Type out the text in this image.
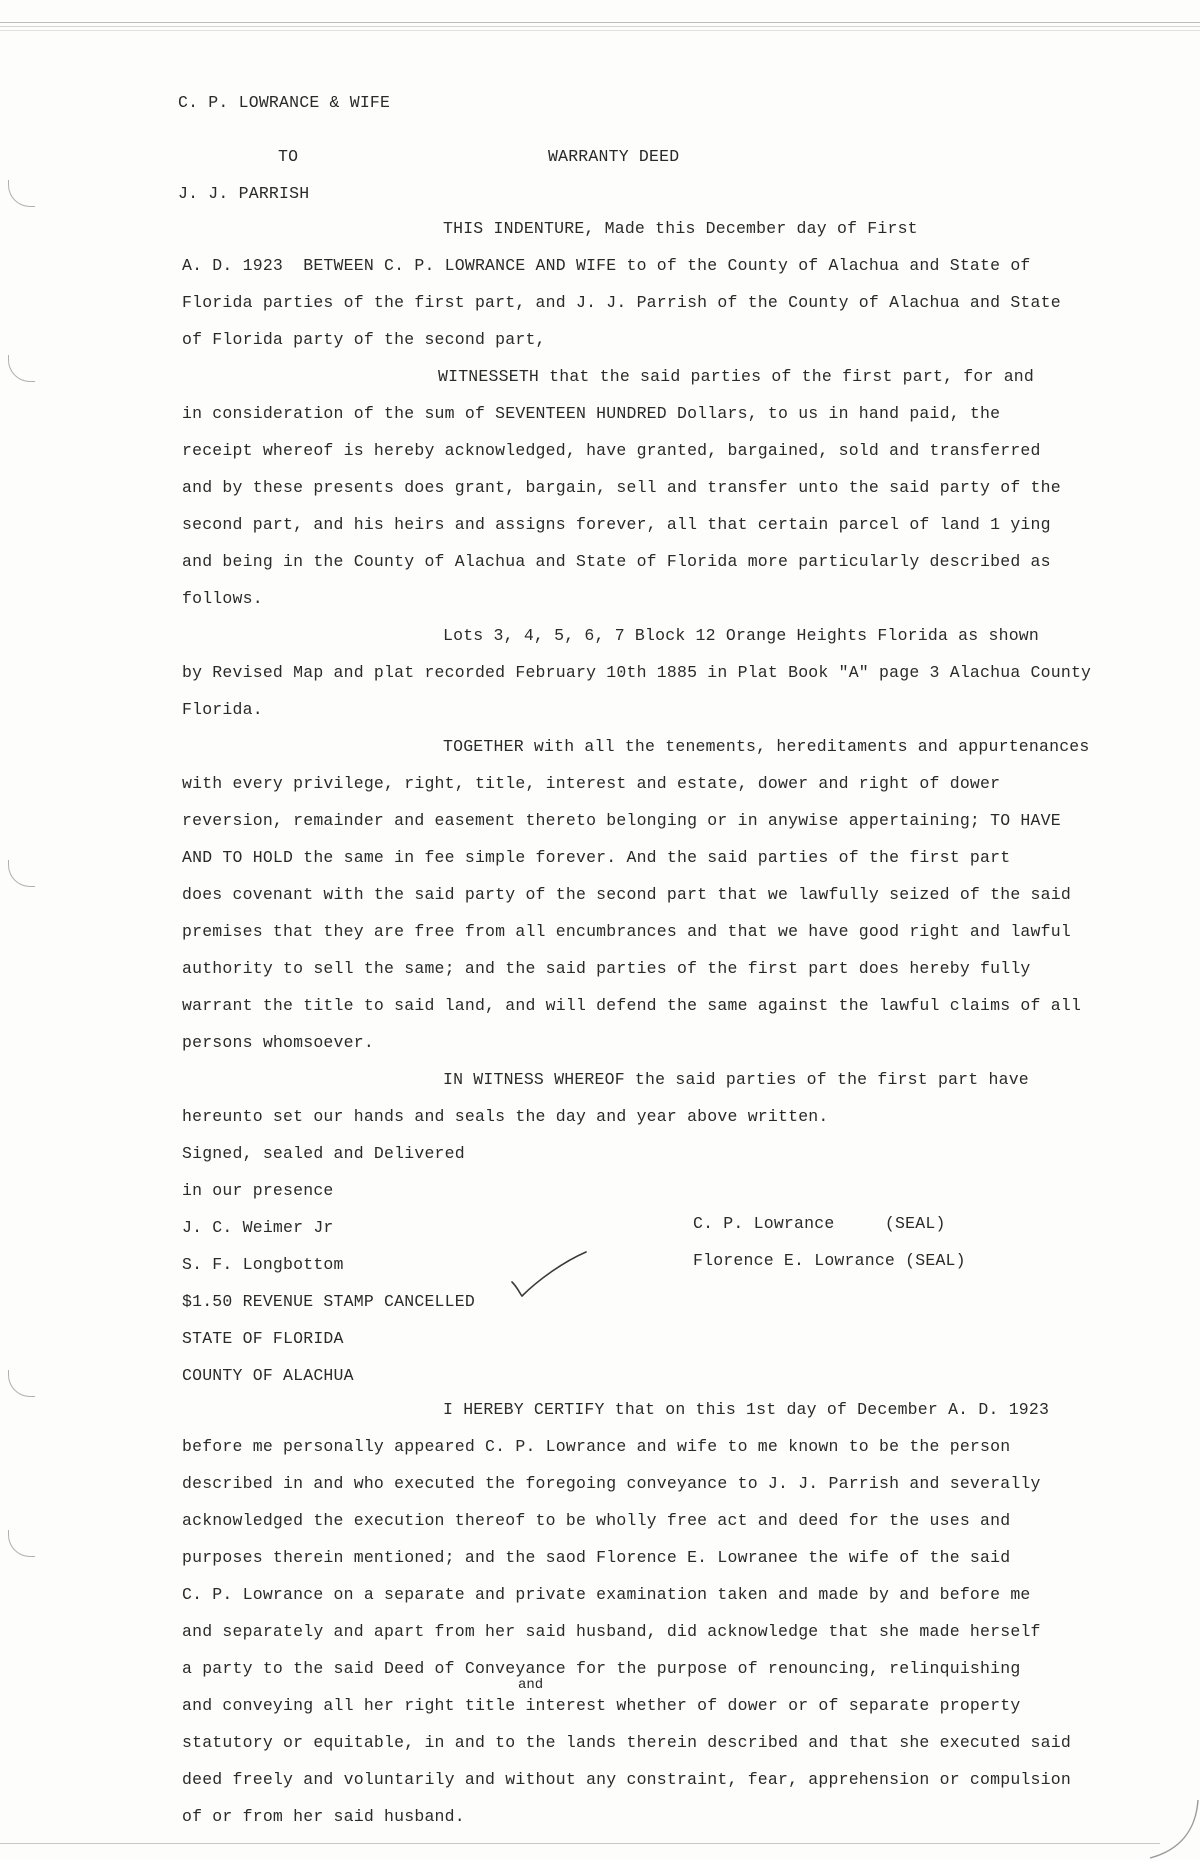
C. P. LOWRANCE & WIFE
TO	WARRANTY DEED
J. J. PARRISH
THIS INDENTURE, Made this December day of First
A. D. 1923  BETWEEN C. P. LOWRANCE AND WIFE to of the County of Alachua and State of
Florida parties of the first part, and J. J. Parrish of the County of Alachua and State
of Florida party of the second part,
WITNESSETH that the said parties of the first part, for and
in consideration of the sum of SEVENTEEN HUNDRED Dollars, to us in hand paid, the
receipt whereof is hereby acknowledged, have granted, bargained, sold and transferred
and by these presents does grant, bargain, sell and transfer unto the said party of the
second part, and his heirs and assigns forever, all that certain parcel of land 1 ying
and being in the County of Alachua and State of Florida more particularly described as
follows.
Lots 3, 4, 5, 6, 7 Block 12 Orange Heights Florida as shown
by Revised Map and plat recorded February 10th 1885 in Plat Book "A" page 3 Alachua County
Florida.
TOGETHER with all the tenements, hereditaments and appurtenances
with every privilege, right, title, interest and estate, dower and right of dower
reversion, remainder and easement thereto belonging or in anywise appertaining; TO HAVE
AND TO HOLD the same in fee simple forever. And the said parties of the first part
does covenant with the said party of the second part that we lawfully seized of the said
premises that they are free from all encumbrances and that we have good right and lawful
authority to sell the same; and the said parties of the first part does hereby fully
warrant the title to said land, and will defend the same against the lawful claims of all
persons whomsoever.
IN WITNESS WHEREOF the said parties of the first part have
hereunto set our hands and seals the day and year above written.
Signed, sealed and Delivered
in our presence
J. C. Weimer Jr	C. P. Lowrance     (SEAL)
S. F. Longbottom	Florence E. Lowrance (SEAL)
$1.50 REVENUE STAMP CANCELLED
STATE OF FLORIDA
COUNTY OF ALACHUA
I HEREBY CERTIFY that on this 1st day of December A. D. 1923
before me personally appeared C. P. Lowrance and wife to me known to be the person
described in and who executed the foregoing conveyance to J. J. Parrish and severally
acknowledged the execution thereof to be wholly free act and deed for the uses and
purposes therein mentioned; and the saod Florence E. Lowranee the wife of the said
C. P. Lowrance on a separate and private examination taken and made by and before me
and separately and apart from her said husband, did acknowledge that she made herself
a party to the said Deed of Conveyance for the purpose of renouncing, relinquishing
and
and conveying all her right title interest whether of dower or of separate property
statutory or equitable, in and to the lands therein described and that she executed said
deed freely and voluntarily and without any constraint, fear, apprehension or compulsion
of or from her said husband.
